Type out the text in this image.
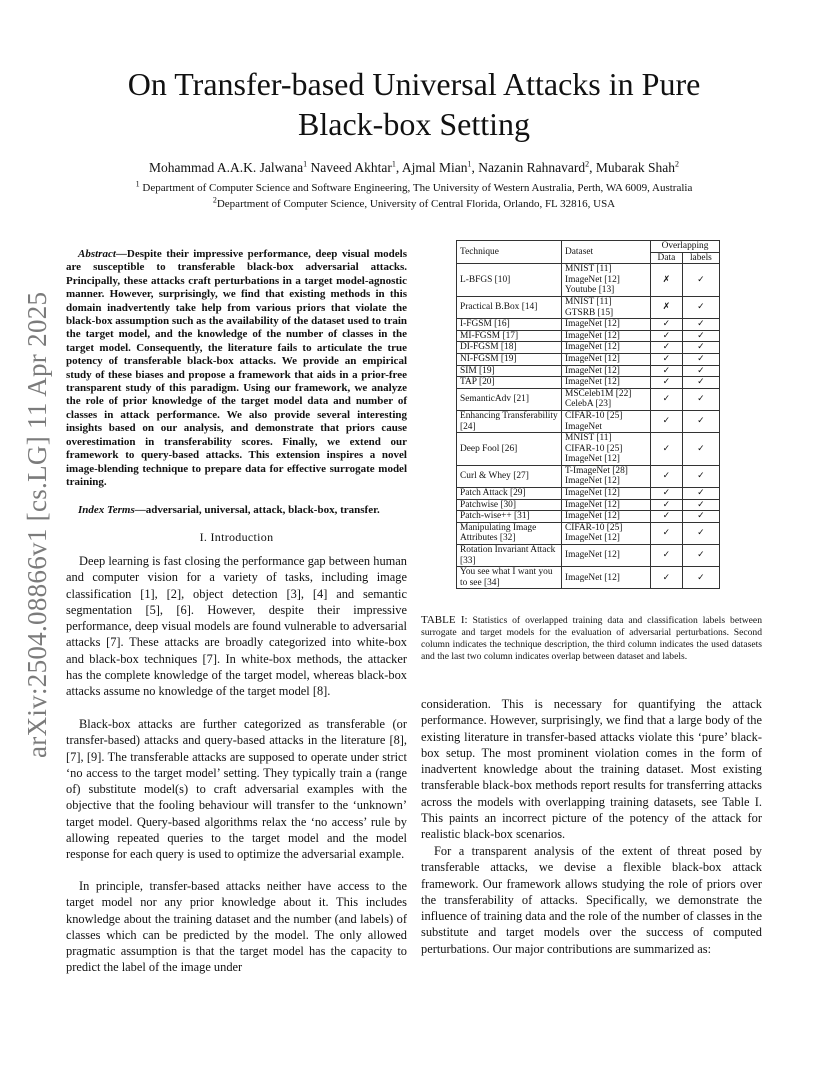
arXiv:2504.08866v1 [cs.LG] 11 Apr 2025
On Transfer-based Universal Attacks in Pure
Black-box Setting
Mohammad A.A.K. Jalwana$^1$ Naveed Akhtar$^1$, Ajmal Mian$^1$, Nazanin Rahnavard$^2$, Mubarak Shah$^2$
$^1$ Department of Computer Science and Software Engineering, The University of Western Australia, Perth, WA 6009, Australia
$^2$Department of Computer Science, University of Central Florida, Orlando, FL 32816, USA

Abstract—Despite their impressive performance, deep visual models are susceptible to transferable black-box adversarial attacks. Principally, these attacks craft perturbations in a target model-agnostic manner. However, surprisingly, we find that existing methods in this domain inadvertently take help from various priors that violate the black-box assumption such as the availability of the dataset used to train the target model, and the knowledge of the number of classes in the target model. Consequently, the literature fails to articulate the true potency of transferable black-box attacks. We provide an empirical study of these biases and propose a framework that aids in a prior-free transparent study of this paradigm. Using our framework, we analyze the role of prior knowledge of the target model data and number of classes in attack performance. We also provide several interesting insights based on our analysis, and demonstrate that priors cause overestimation in transferability scores. Finally, we extend our framework to query-based attacks. This extension inspires a novel image-blending technique to prepare data for effective surrogate model training.

Index Terms—adversarial, universal, attack, black-box, transfer.

I. Introduction

Deep learning is fast closing the performance gap between human and computer vision for a variety of tasks, including image classification [1], [2], object detection [3], [4] and semantic segmentation [5], [6]. However, despite their impressive performance, deep visual models are found vulnerable to adversarial attacks [7]. These attacks are broadly categorized into white-box and black-box techniques [7]. In white-box methods, the attacker has the complete knowledge of the target model, whereas black-box attacks assume no knowledge of the target model [8].

Black-box attacks are further categorized as transferable (or transfer-based) attacks and query-based attacks in the literature [8], [7], [9]. The transferable attacks are supposed to operate under strict ‘no access to the target model’ setting. They typically train a (range of) substitute model(s) to craft adversarial examples with the objective that the fooling behaviour will transfer to the ‘unknown’ target model. Query-based algorithms relax the ‘no access’ rule by allowing repeated queries to the target model and the model response for each query is used to optimize the adversarial example.

In principle, transfer-based attacks neither have access to the target model nor any prior knowledge about it. This includes knowledge about the training dataset and the number (and labels) of classes which can be predicted by the model. The only allowed pragmatic assumption is that the target model has the capacity to predict the label of the image under

Technique	Dataset	Overlapping	
		Data	labels
L-BFGS [10]	MNIST [11]
ImageNet [12]
Youtube [13]	✗	✓
Practical B.Box [14]	MNIST [11]
GTSRB [15]	✗	✓
I-FGSM [16]	ImageNet [12]	✓	✓
MI-FGSM [17]	ImageNet [12]	✓	✓
DI-FGSM [18]	ImageNet [12]	✓	✓
NI-FGSM [19]	ImageNet [12]	✓	✓
SIM [19]	ImageNet [12]	✓	✓
TAP [20]	ImageNet [12]	✓	✓
SemanticAdv [21]	MSCeleb1M [22]
CelebA [23]	✓	✓
Enhancing Transferability [24]	CIFAR-10 [25]
ImageNet	✓	✓
Deep Fool [26]	MNIST [11]
CIFAR-10 [25]
ImageNet [12]	✓	✓
Curl & Whey [27]	T-ImageNet [28]
ImageNet [12]	✓	✓
Patch Attack [29]	ImageNet [12]	✓	✓
Patchwise [30]	ImageNet [12]	✓	✓
Patch-wise++ [31]	ImageNet [12]	✓	✓
Manipulating Image Attributes [32]	CIFAR-10 [25]
ImageNet [12]	✓	✓
Rotation Invariant Attack [33]	ImageNet [12]	✓	✓
You see what I want you to see [34]	ImageNet [12]	✓	✓

TABLE I: Statistics of overlapped training data and classification labels between surrogate and target models for the evaluation of adversarial perturbations. Second column indicates the technique description, the third column indicates the used datasets and the last two column indicates overlap between dataset and labels.

consideration. This is necessary for quantifying the attack performance. However, surprisingly, we find that a large body of the existing literature in transfer-based attacks violate this ‘pure’ black-box setup. The most prominent violation comes in the form of inadvertent knowledge about the training dataset. Most existing transferable black-box methods report results for transferring attacks across the models with overlapping training datasets, see Table I. This paints an incorrect picture of the potency of the attack for realistic black-box scenarios.

For a transparent analysis of the extent of threat posed by transferable attacks, we devise a flexible black-box attack framework. Our framework allows studying the role of priors over the transferability of attacks. Specifically, we demonstrate the influence of training data and the role of the number of classes in the substitute and target models over the success of computed perturbations. Our major contributions are summarized as:
